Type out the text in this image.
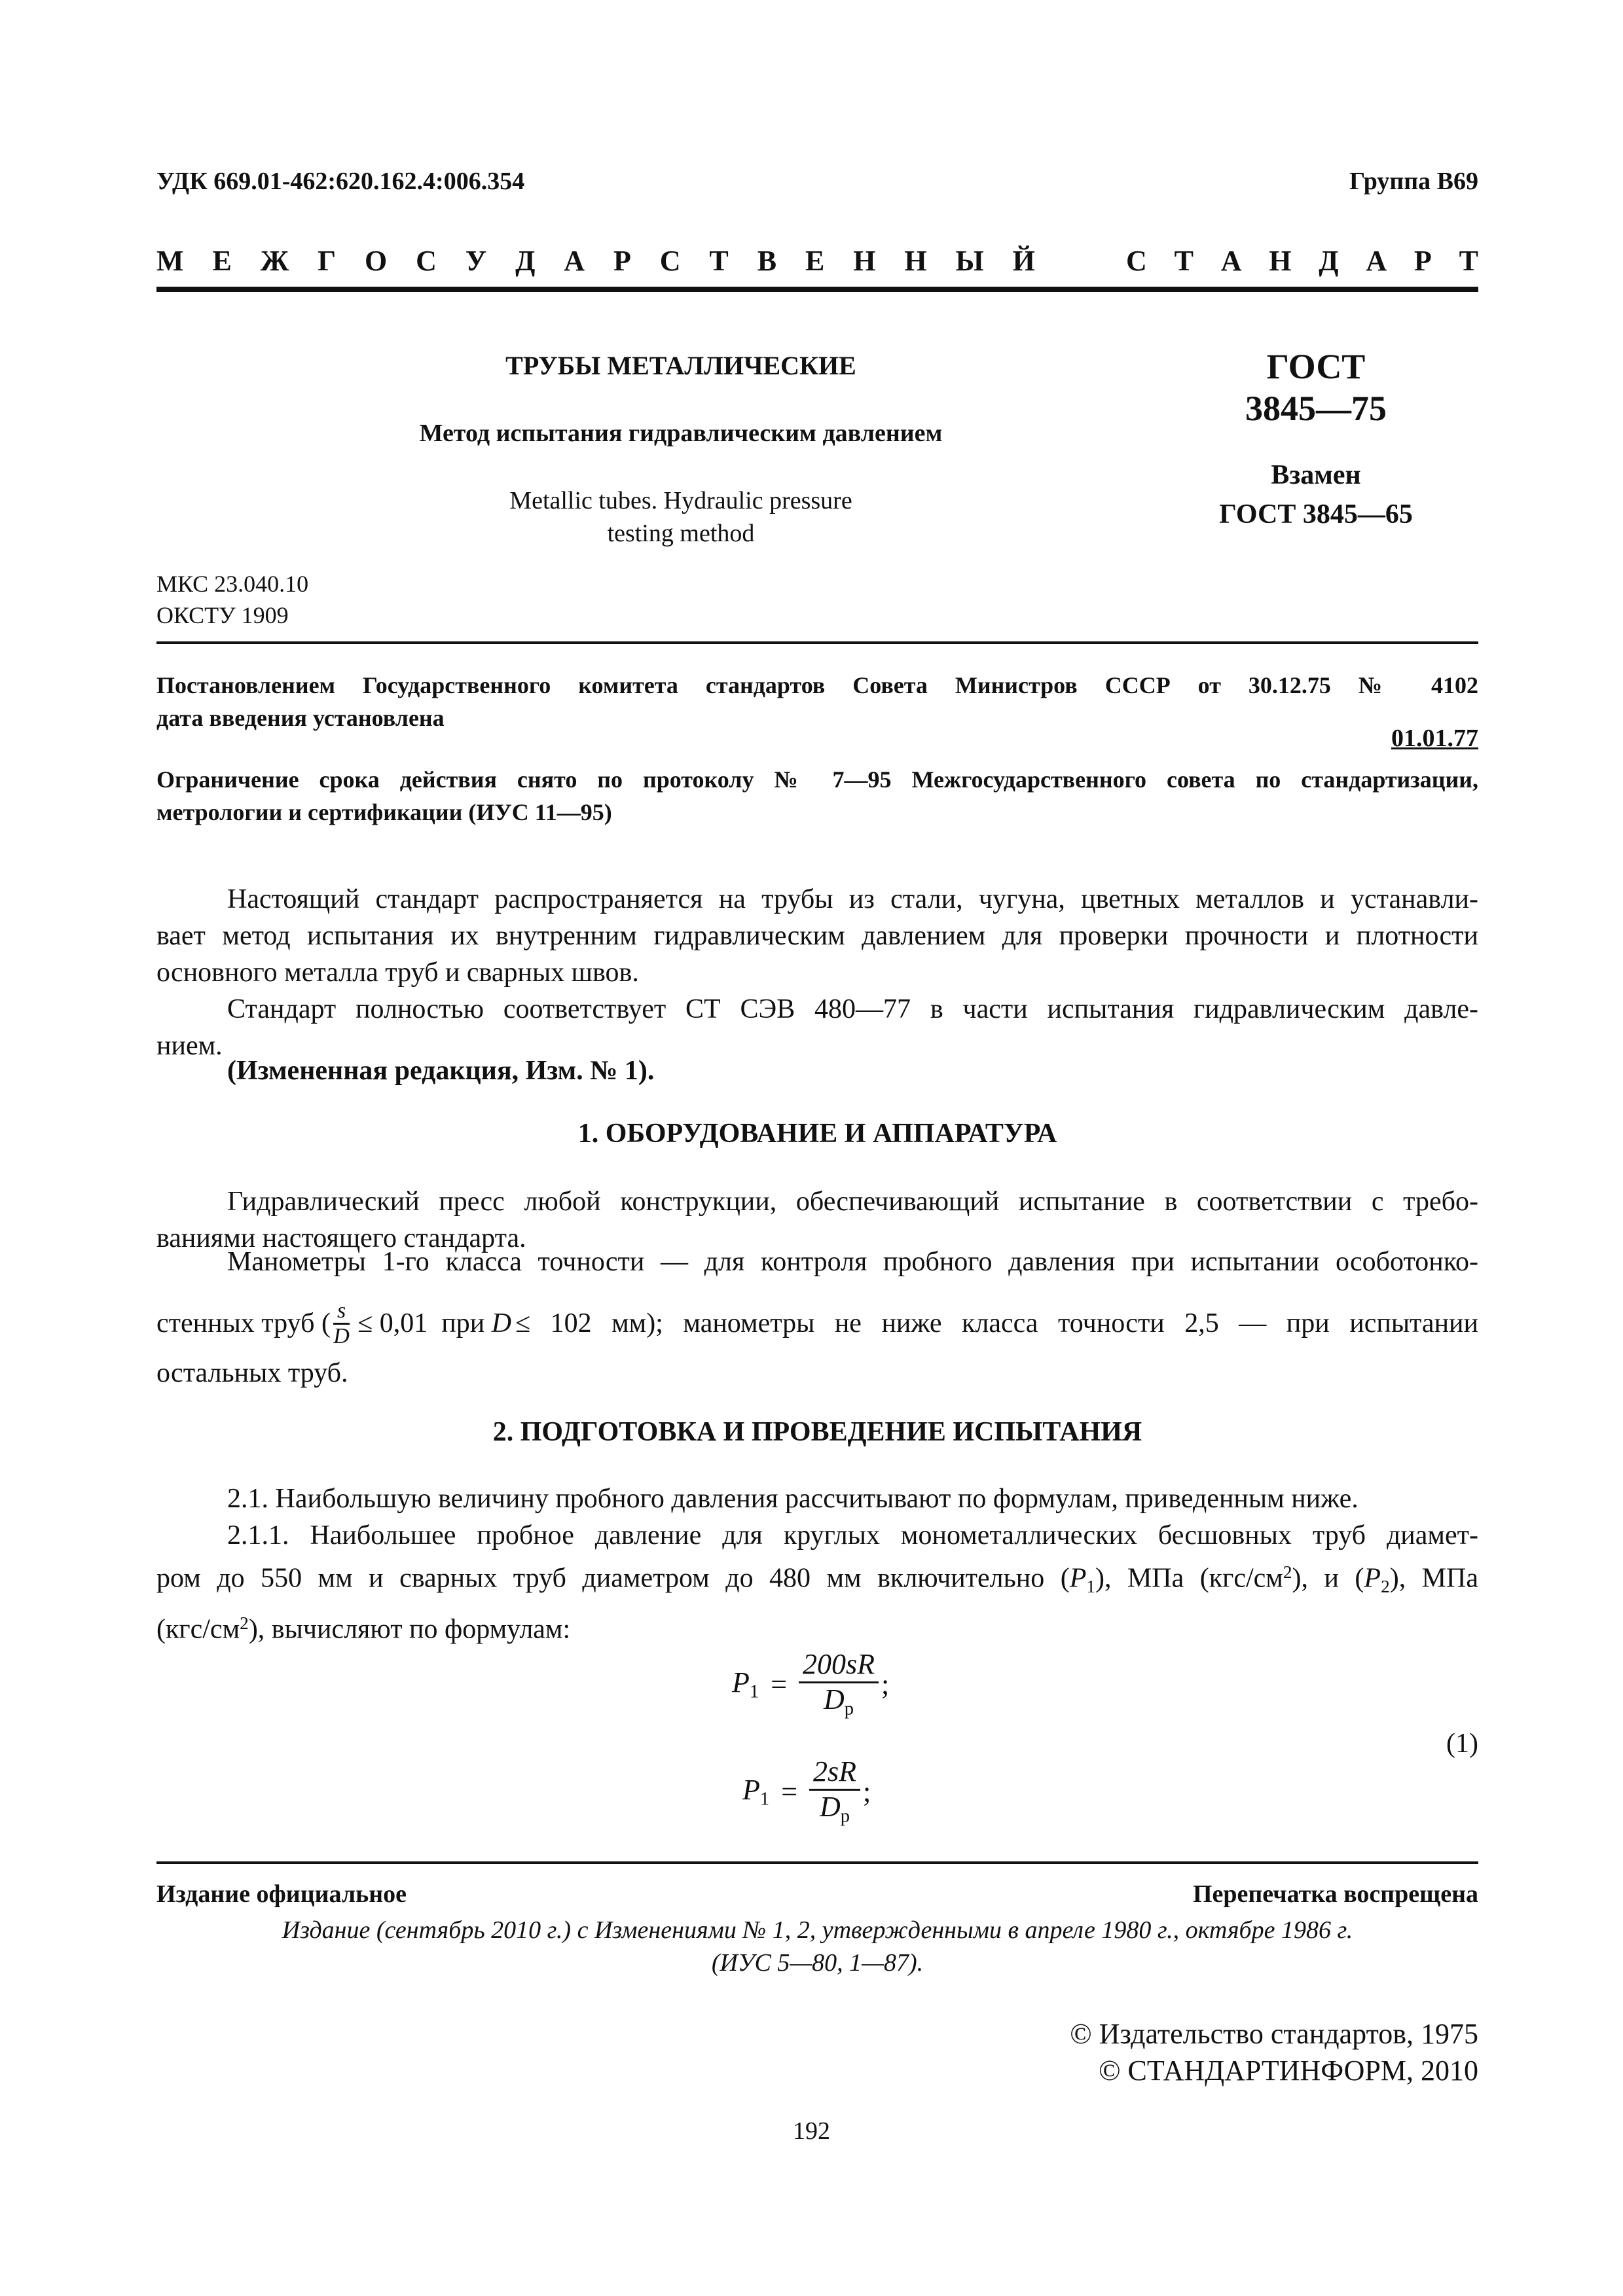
УДК 669.01-462:620.162.4:006.354	Группа В69
М Е Ж Г О С У Д А Р С Т В Е Н Н Ы Й	С Т А Н Д А Р Т
ТРУБЫ МЕТАЛЛИЧЕСКИЕ
Метод испытания гидравлическим давлением
Metallic tubes. Hydraulic pressure
testing method
ГОСТ
3845—75
Взамен
ГОСТ 3845—65
МКС 23.040.10
ОКСТУ 1909
Постановлением Государственного комитета стандартов Совета Министров СССР от 30.12.75 № 4102
дата введения установлена
01.01.77
Ограничение срока действия снято по протоколу № 7—95 Межгосударственного совета по стандартизации,
метрологии и сертификации (ИУС 11—95)
Настоящий стандарт распространяется на трубы из стали, чугуна, цветных металлов и устанавли-
вает метод испытания их внутренним гидравлическим давлением для проверки прочности и плотности
основного металла труб и сварных швов.
Стандарт полностью соответствует СТ СЭВ 480—77 в части испытания гидравлическим давле-
нием.
(Измененная редакция, Изм. № 1).
1. ОБОРУДОВАНИЕ И АППАРАТУРА
Гидравлический пресс любой конструкции, обеспечивающий испытание в соответствии с требо-
ваниями настоящего стандарта.
Манометры 1-го класса точности — для контроля пробного давления при испытании особотонко-
стенных труб ( $\frac{s}{D} \le 0,01$  при D ≤ 102 мм); манометры не ниже класса точности 2,5 — при испытании
остальных труб.
2. ПОДГОТОВКА И ПРОВЕДЕНИЕ ИСПЫТАНИЯ
2.1. Наибольшую величину пробного давления рассчитывают по формулам, приведенным ниже.
2.1.1. Наибольшее пробное давление для круглых монометаллических бесшовных труб диамет-
ром до 550 мм и сварных труб диаметром до 480 мм включительно $(P_1)$, МПа $(кгс/см^2)$, и $(P_2)$, МПа
$(кгс/см^2)$, вычисляют по формулам:
$P_1 = \frac{200sR}{D_p}$ ;
(1)
$P_1 = \frac{2sR}{D_p}$ ;
Издание официальное	Перепечатка воспрещена
Издание (сентябрь 2010 г.) с Изменениями № 1, 2, утвержденными в апреле 1980 г., октябре 1986 г.
(ИУС 5—80, 1—87).
© Издательство стандартов, 1975
© СТАНДАРТИНФОРМ, 2010
192
